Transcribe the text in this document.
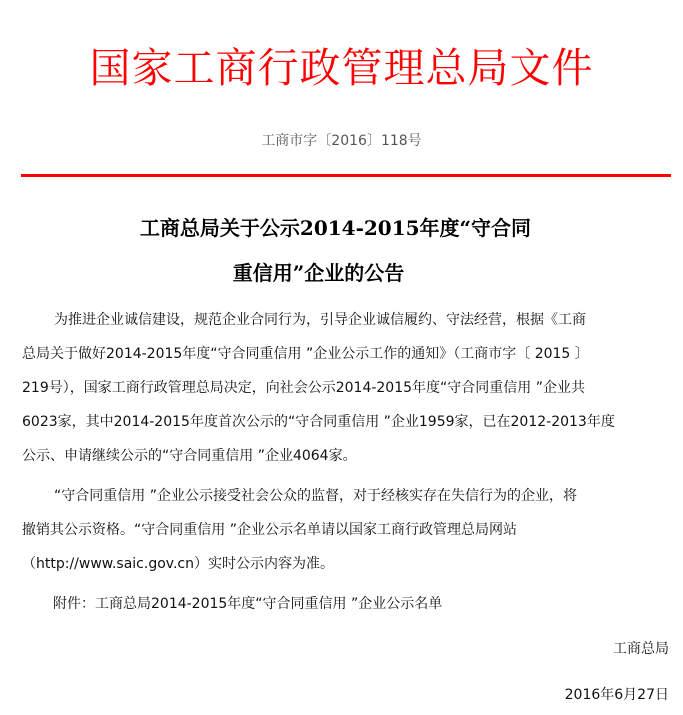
国家工商行政管理总局文件
工商市字〔2016〕118号
工商总局关于公示2014-2015年度“守合同
重信用”企业的公告
为推进企业诚信建设，规范企业合同行为，引导企业诚信履约、守法经营，根据《工商
总局关于做好2014-2015年度“守合同重信用 ”企业公示工作的通知》（工商市字〔 2015 〕
219号），国家工商行政管理总局决定，向社会公示2014-2015年度“守合同重信用 ”企业共
6023家，其中2014-2015年度首次公示的“守合同重信用 ”企业1959家，已在2012-2013年度
公示、申请继续公示的“守合同重信用 ”企业4064家。
“守合同重信用 ”企业公示接受社会公众的监督，对于经核实存在失信行为的企业，将
撤销其公示资格。“守合同重信用 ”企业公示名单请以国家工商行政管理总局网站
（http://www.saic.gov.cn）实时公示内容为准。
附件：工商总局2014-2015年度“守合同重信用 ”企业公示名单
工商总局
2016年6月27日
